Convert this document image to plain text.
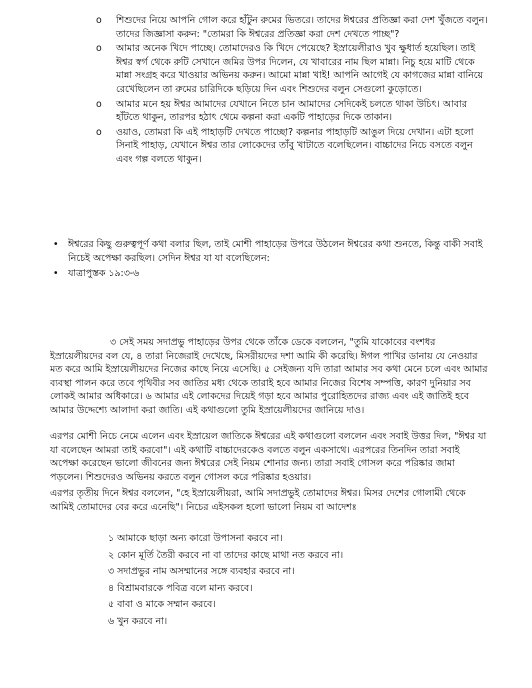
o শিশুদের নিয়ে আপনি গোল করে হাঁটুন রুমের ভিতরে। তাদের ঈশ্বরের প্রতিজ্ঞা করা দেশ খুঁজতে বলুন। তাদের জিজ্ঞাসা করুন: "তোমরা কি ঈশ্বরের প্রতিজ্ঞা করা দেশ দেখতে পাচ্ছ"?
o আমার অনেক খিদে পাচ্ছে। তোমাদেরও কি খিদে পেয়েছে? ইস্রায়েলীরাও খুব ক্ষুধার্ত হয়েছিল। তাই ঈশ্বর স্বর্গ থেকে রুটি সেখানে জমির উপর দিলেন, যে খাবারের নাম ছিল মান্না। নিচু হয়ে মাটি থেকে মান্না সংগ্রহ করে খাওয়ার অভিনয় করুন। আমো মান্না খাই! আপনি আগেই যে কাগজের মান্না বানিয়ে রেখেছিলেন তা রুমের চারিদিকে ছড়িয়ে দিন এবং শিশুদের বলুন সেগুলো কুড়োতে।
o আমার মনে হয় ঈশ্বর আমাদের যেখানে নিতে চান আমাদের সেদিকেই চলতে থাকা উচিৎ। আবার হাঁটতে থাকুন, তারপর হঠাৎ থেমে কল্পনা করা একটি পাহাড়ের দিকে তাকান।
o ওয়াও, তোমরা কি এই পাহাড়টি দেখতে পাচ্ছো? কল্পনার পাহাড়টি আঙুল দিয়ে দেখান। এটা হলো সিনাই পাহাড়, যেখানে ঈশ্বর তার লোকেদের তাঁবু খাটাতে বলেছিলেন। বাচ্চাদের নিচে বসতে বলুন এবং গল্প বলতে থাকুন।
• ঈশ্বরের কিছু গুরুত্বপূর্ণ কথা বলার ছিল, তাই মোশী পাহাড়ের উপরে উঠলেন ঈশ্বরের কথা শুনতে, কিন্তু বাকী সবাই নিচেই অপেক্ষা করছিল। সেদিন ঈশ্বর যা যা বলেছিলেন:
• যাত্রাপুস্তক ১৯:৩-৬
৩ সেই সময় সদাপ্রভু পাহাড়ের উপর থেকে তাঁকে ডেকে বললেন, "তুমি যাকোবের বংশধর ইস্রায়েলীয়দের বল যে, ৪ তারা নিজেরাই দেখেছে, মিসরীয়দের দশা আমি কী করেছি। ঈগল পাখির ডানায় যে নেওয়ার মত করে আমি ইস্রায়েলীয়দের নিজের কাছে নিয়ে এসেছি। ৫ সেইজন্য যদি তারা আমার সব কথা মেনে চলে এবং আমার ব্যবস্থা পালন করে তবে পৃথিবীর সব জাতির মধ্য থেকে তারাই হবে আমার নিজের বিশেষ সম্পত্তি, কারণ দুনিয়ার সব লোকই আমার অধিকারে। ৬ আমার এই লোকদের দিয়েই গড়া হবে আমার পুরোহিতদের রাজ্য এবং এই জাতিই হবে আমার উদ্দেশ্যে আলাদা করা জাতি। এই কথাগুলো তুমি ইস্রায়েলীয়দের জানিয়ে দাও।
এরপর মোশী নিচে নেমে এলেন এবং ইস্রায়েল জাতিকে ঈশ্বরের এই কথাগুলো বললেন এবং সবাই উত্তর দিল, "ঈশ্বর যা যা বলেছেন আমরা তাই করবো"। এই কথাটি বাচ্চাদেরকেও বলতে বলুন একসাথে। এরপরের তিনদিন তারা সবাই অপেক্ষা করেছেন ভালো জীবনের জন্য ঈশ্বরের সেই নিয়ম শোনার জন্য। তারা সবাই গোসল করে পরিষ্কার জামা পড়লেন। শিশুদেরও অভিনয় করতে বলুন গোসল করে পরিষ্কার হওয়ার।
এরপর তৃতীয় দিনে ঈশ্বর বললেন, "হে ইস্রায়েলীয়রা, আমি সদাপ্রভুই তোমাদের ঈশ্বর। মিসর দেশের গোলামী থেকে আমিই তোমাদের বের করে এনেছি"। নিচের এইসকল হলো ভালো নিয়ম বা আদেশঃ
১ আমাকে ছাড়া অন্য কারো উপাসনা করবে না।
২ কোন মূর্তি তৈরী করবে না বা তাদের কাছে মাথা নত করবে না।
৩ সদাপ্রভুর নাম অসম্মানের সঙ্গে ব্যবহার করবে না।
৪ বিশ্রামবারকে পবিত্র বলে মান্য করবে।
৫ বাবা ও মাকে সম্মান করবে।
৬ খুন করবে না।
